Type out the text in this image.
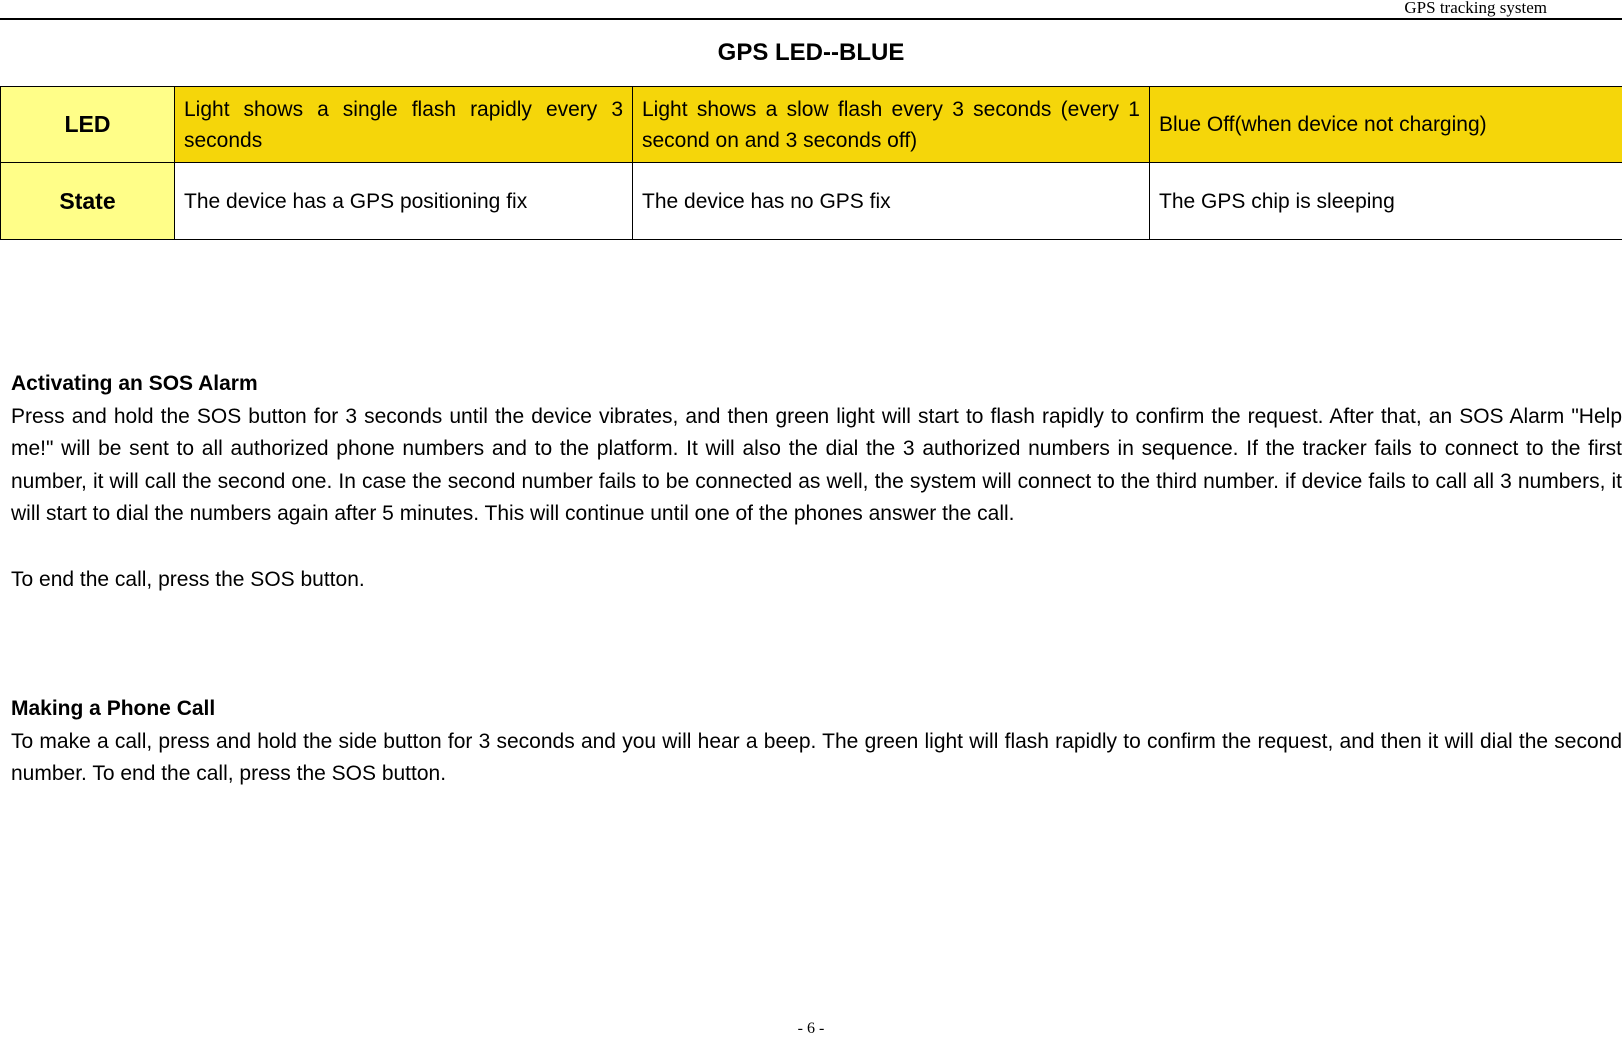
GPS tracking system
GPS LED--BLUE
LED	Light shows a single flash rapidly every 3 seconds	Light shows a slow flash every 3 seconds (every 1 second on and 3 seconds off)	Blue Off(when device not charging)
State	The device has a GPS positioning fix	The device has no GPS fix	The GPS chip is sleeping
Activating an SOS Alarm
Press and hold the SOS button for 3 seconds until the device vibrates, and then green light will start to flash rapidly to confirm the request. After that, an SOS Alarm "Help me!" will be sent to all authorized phone numbers and to the platform. It will also the dial the 3 authorized numbers in sequence. If the tracker fails to connect to the first number, it will call the second one. In case the second number fails to be connected as well, the system will connect to the third number. if device fails to call all 3 numbers, it will start to dial the numbers again after 5 minutes. This will continue until one of the phones answer the call.
To end the call, press the SOS button.
Making a Phone Call
To make a call, press and hold the side button for 3 seconds and you will hear a beep. The green light will flash rapidly to confirm the request, and then it will dial the second number. To end the call, press the SOS button.
- 6 -
